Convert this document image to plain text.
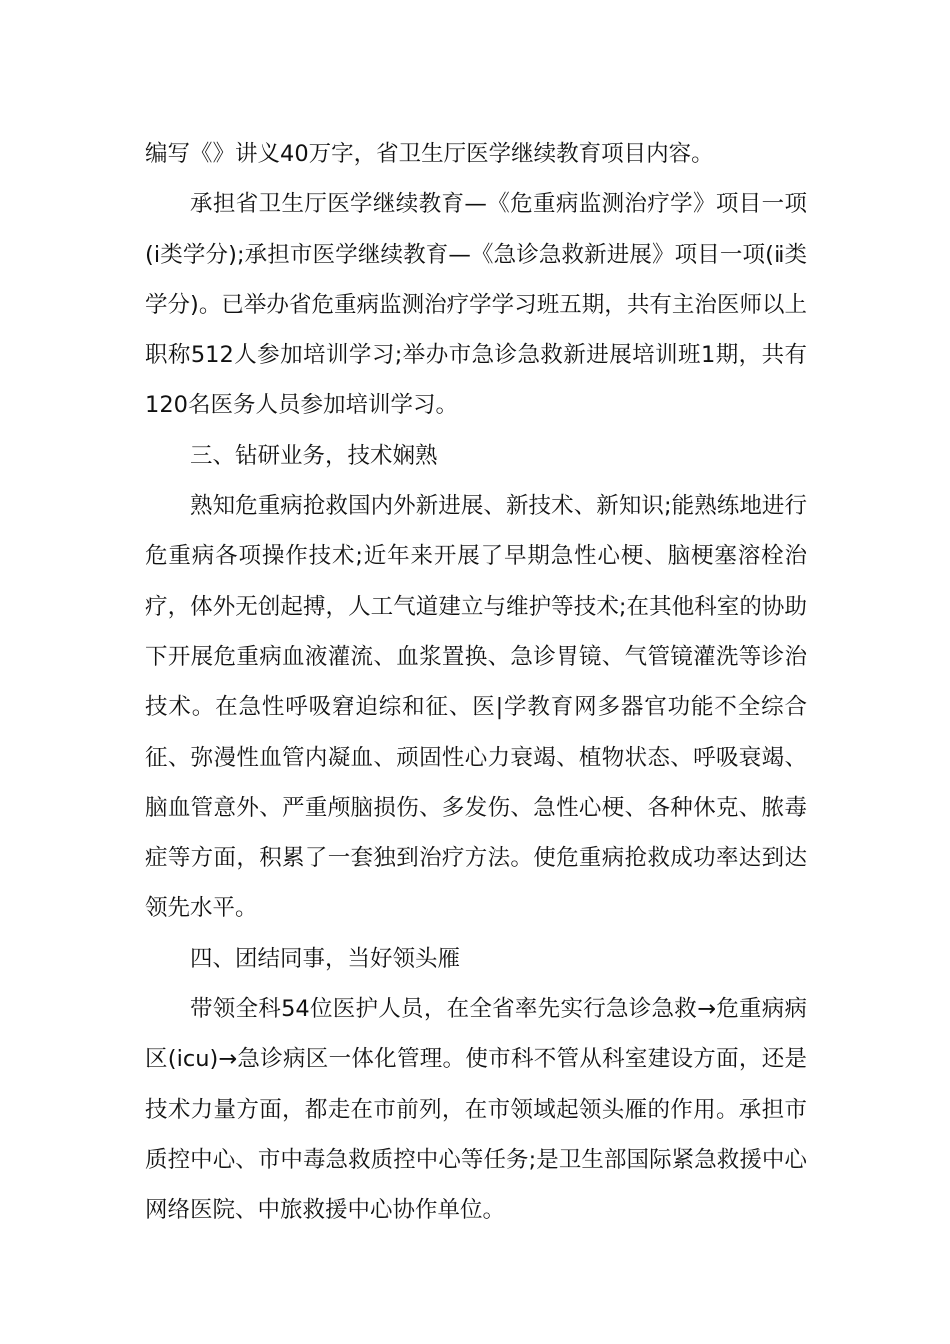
编写《》讲义40万字，省卫生厅医学继续教育项目内容。

承担省卫生厅医学继续教育—《危重病监测治疗学》项目一项(ⅰ类学分);承担市医学继续教育—《急诊急救新进展》项目一项(ⅱ类学分)。已举办省危重病监测治疗学学习班五期，共有主治医师以上职称512人参加培训学习;举办市急诊急救新进展培训班1期，共有120名医务人员参加培训学习。

三、钻研业务，技术娴熟

熟知危重病抢救国内外新进展、新技术、新知识;能熟练地进行危重病各项操作技术;近年来开展了早期急性心梗、脑梗塞溶栓治疗，体外无创起搏，人工气道建立与维护等技术;在其他科室的协助下开展危重病血液灌流、血浆置换、急诊胃镜、气管镜灌洗等诊治技术。在急性呼吸窘迫综和征、医|学教育网多器官功能不全综合征、弥漫性血管内凝血、顽固性心力衰竭、植物状态、呼吸衰竭、脑血管意外、严重颅脑损伤、多发伤、急性心梗、各种休克、脓毒症等方面，积累了一套独到治疗方法。使危重病抢救成功率达到达领先水平。

四、团结同事，当好领头雁

带领全科54位医护人员，在全省率先实行急诊急救→危重病病区(icu)→急诊病区一体化管理。使市科不管从科室建设方面，还是技术力量方面，都走在市前列，在市领域起领头雁的作用。承担市质控中心、市中毒急救质控中心等任务;是卫生部国际紧急救援中心网络医院、中旅救援中心协作单位。
